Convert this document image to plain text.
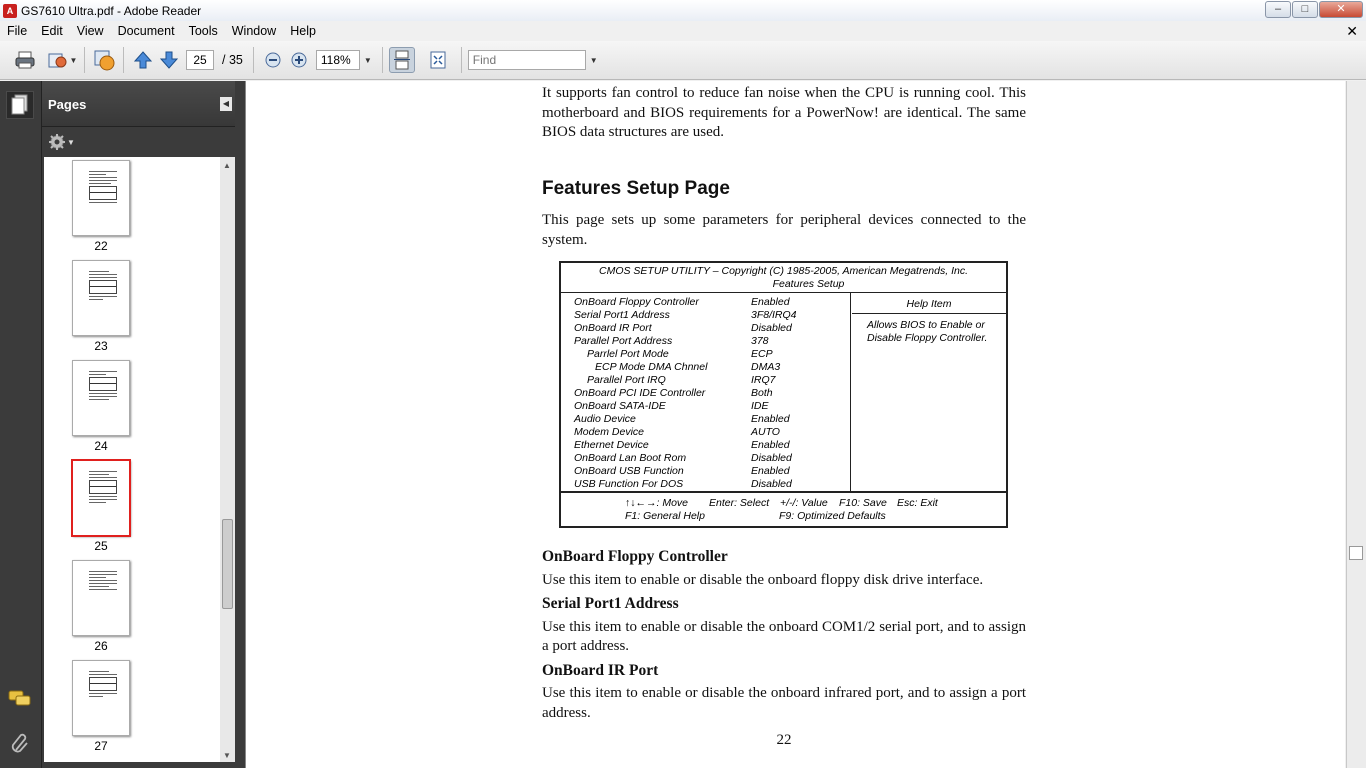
A GS7610 Ultra.pdf - Adobe Reader	–	□	✕
File	Edit	View	Document	Tools	Window	Help	✕
▼
25	/ 35
118%	▼
Find	▼
Pages	◀
▼
22
23
24
25
26
27
▲
▼

It supports fan control to reduce fan noise when the CPU is running cool. This motherboard and BIOS requirements for a PowerNow! are identical. The same BIOS data structures are used.

Features Setup Page

This page sets up some parameters for peripheral devices connected to the system.

CMOS SETUP UTILITY – Copyright (C) 1985-2005, American Megatrends, Inc.
Features Setup
OnBoard Floppy Controller	Enabled
Serial Port1 Address	3F8/IRQ4
OnBoard IR Port	Disabled
Parallel Port Address	378
Parrlel Port Mode	ECP
ECP Mode DMA Chnnel	DMA3
Parallel Port IRQ	IRQ7
OnBoard PCI IDE Controller	Both
OnBoard SATA-IDE	IDE
Audio Device	Enabled
Modem Device	AUTO
Ethernet Device	Enabled
OnBoard Lan Boot Rom	Disabled
OnBoard USB Function	Enabled
USB Function For DOS	Disabled
Help Item
Allows BIOS to Enable or Disable Floppy Controller.
↑↓←→: Move	Enter: Select	+/-/: Value	F10: Save Esc: Exit
F1: General Help	F9: Optimized Defaults
OnBoard Floppy Controller

Use this item to enable or disable the onboard floppy disk drive interface.

Serial Port1 Address

Use this item to enable or disable the onboard COM1/2 serial port, and to assign a port address.

OnBoard IR Port

Use this item to enable or disable the onboard infrared port, and to assign a port address.

22
